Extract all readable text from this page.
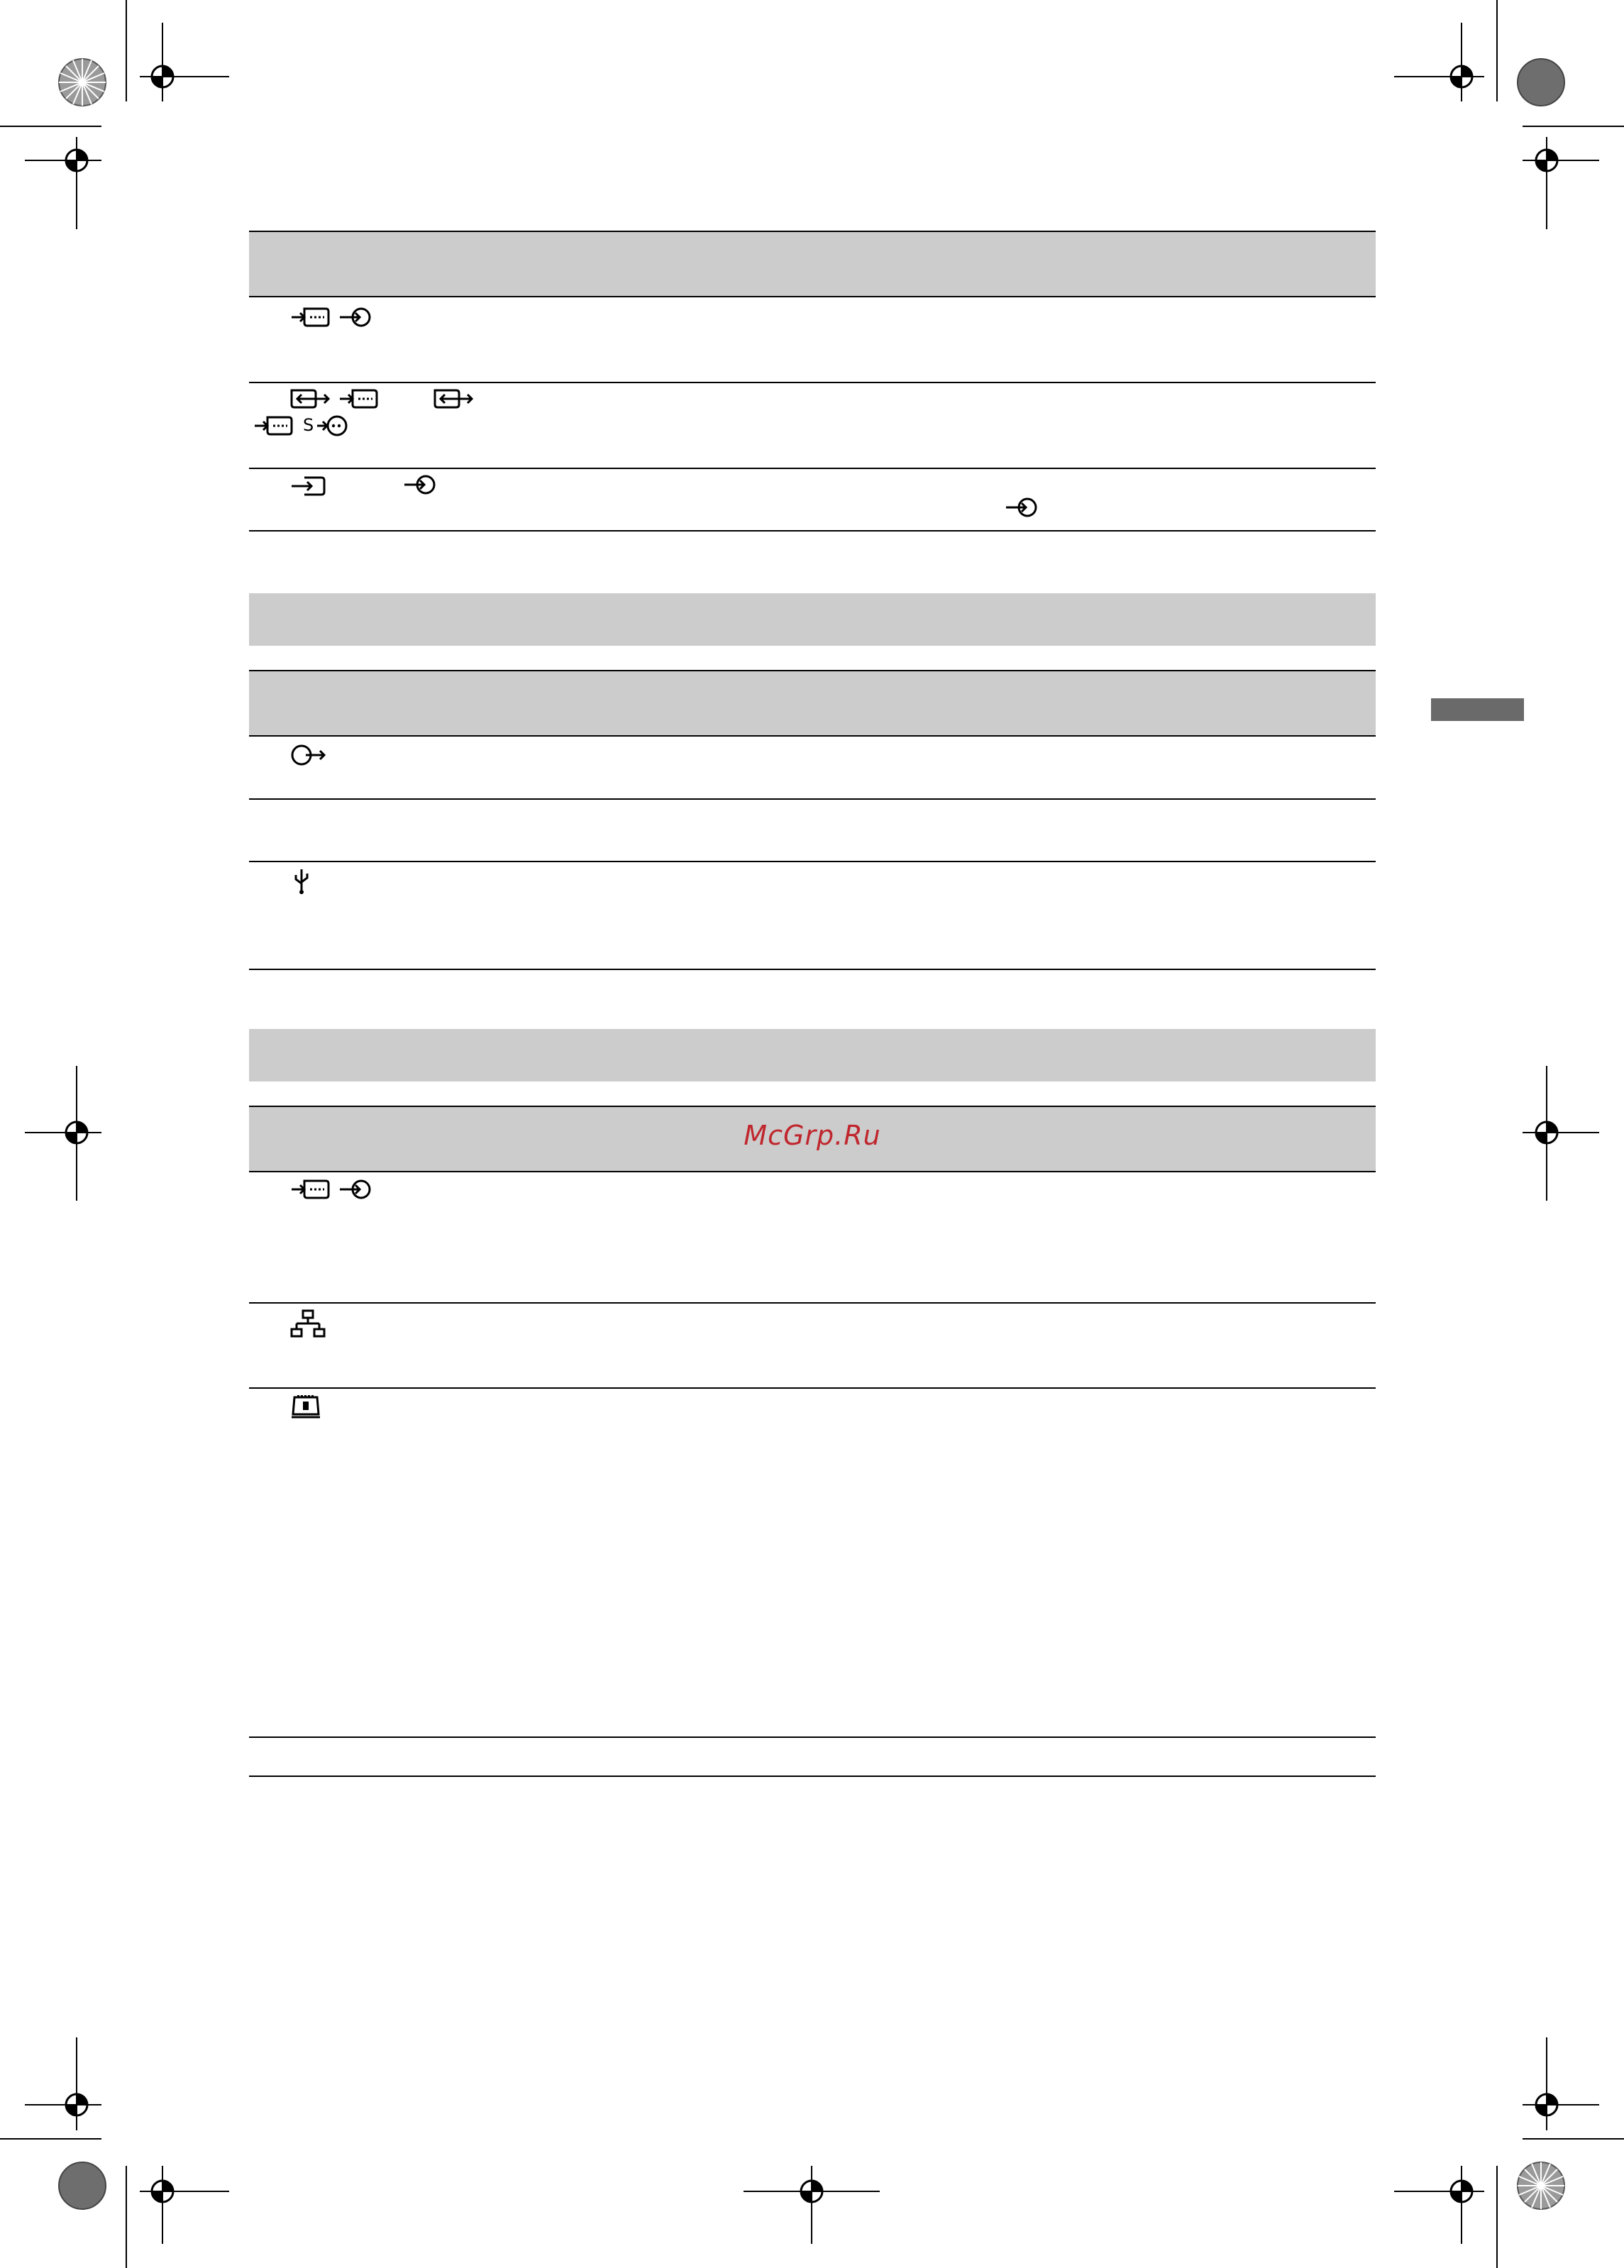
S
McGrp.Ru
